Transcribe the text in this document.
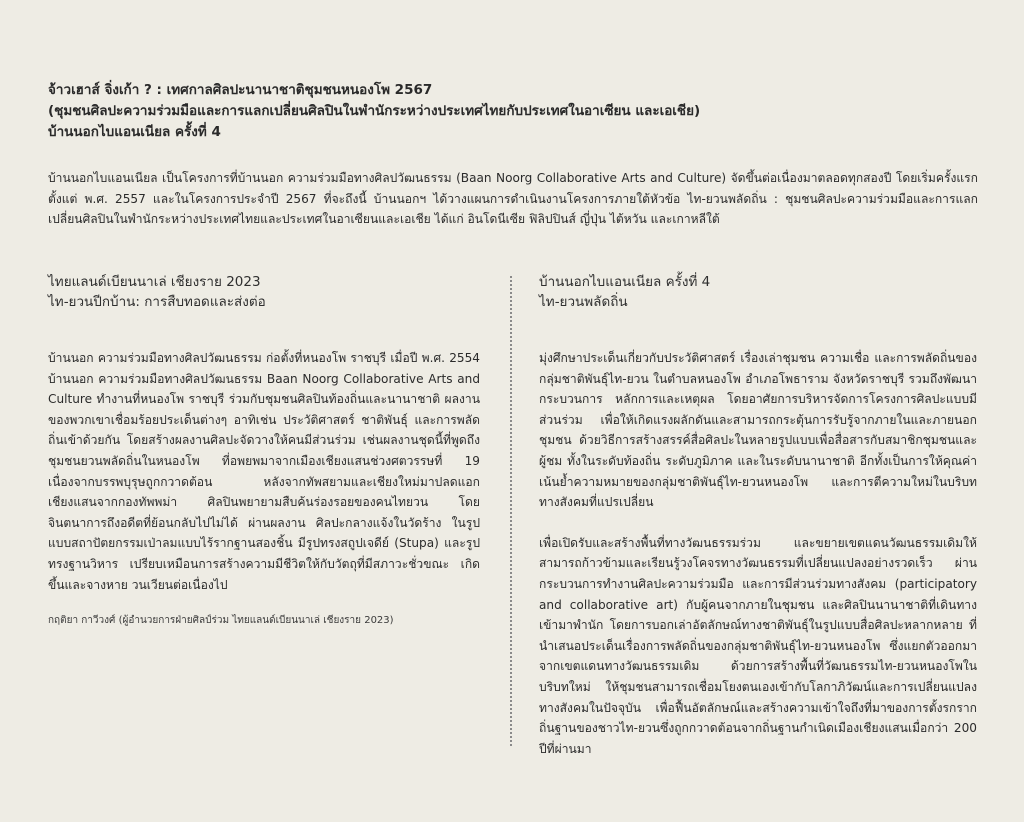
จ้าวเฮาส์ จิ่งเก้า ? : เทศกาลศิลปะนานาชาติชุมชนหนองโพ 2567
(ชุมชนศิลปะความร่วมมือและการแลกเปลี่ยนศิลปินในพำนักระหว่างประเทศไทยกับประเทศในอาเซียน และเอเชีย)
บ้านนอกไบแอนเนียล ครั้งที่ 4

บ้านนอกไบแอนเนียล เป็นโครงการที่บ้านนอก ความร่วมมือทางศิลปวัฒนธรรม (Baan Noorg Collaborative Arts and Culture) จัดขึ้นต่อเนื่องมาตลอดทุกสองปี โดยเริ่มครั้งแรกตั้งแต่ พ.ศ. 2557 และในโครงการประจำปี 2567 ที่จะถึงนี้ บ้านนอกฯ ได้วางแผนการดำเนินงานโครงการภายใต้หัวข้อ ไท-ยวนพลัดถิ่น : ชุมชนศิลปะความร่วมมือและการแลกเปลี่ยนศิลปินในพำนักระหว่างประเทศไทยและประเทศในอาเซียนและเอเชีย ได้แก่ อินโดนีเซีย ฟิลิปปินส์ ญี่ปุ่น ไต้หวัน และเกาหลีใต้

ไทยแลนด์เบียนนาเล่ เชียงราย 2023
ไท-ยวนปีกบ้าน: การสืบทอดและส่งต่อ

บ้านนอก ความร่วมมือทางศิลปวัฒนธรรม ก่อตั้งที่หนองโพ ราชบุรี เมื่อปี พ.ศ. 2554 บ้านนอก ความร่วมมือทางศิลปวัฒนธรรม Baan Noorg Collaborative Arts and Culture ทำงานที่หนองโพ ราชบุรี ร่วมกับชุมชนศิลปินท้องถิ่นและนานาชาติ ผลงานของพวกเขาเชื่อมร้อยประเด็นต่างๆ อาทิเช่น ประวัติศาสตร์ ชาติพันธุ์ และการพลัดถิ่นเข้าด้วยกัน โดยสร้างผลงานศิลปะจัดวางให้คนมีส่วนร่วม เช่นผลงานชุดนี้ที่พูดถึงชุมชนยวนพลัดถิ่นในหนองโพ ที่อพยพมาจากเมืองเชียงแสนช่วงศตวรรษที่ 19 เนื่องจากบรรพบุรุษถูกกวาดต้อน หลังจากทัพสยามและเชียงใหม่มาปลดแอกเชียงแสนจากกองทัพพม่า ศิลปินพยายามสืบค้นร่องรอยของคนไทยวน โดยจินตนาการถึงอดีตที่ย้อนกลับไปไม่ได้ ผ่านผลงาน ศิลปะกลางแจ้งในวัดร้าง ในรูปแบบสถาปัตยกรรมเป่าลมแบบไร้รากฐานสองชิ้น มีรูปทรงสถูปเจดีย์ (Stupa) และรูปทรงฐานวิหาร เปรียบเหมือนการสร้างความมีชีวิตให้กับวัตถุที่มีสภาวะชั่วขณะ เกิดขึ้นและจางหาย วนเวียนต่อเนื่องไป

กฤติยา กาวีวงศ์ (ผู้อำนวยการฝ่ายศิลป์ร่วม ไทยแลนด์เบียนนาเล่ เชียงราย 2023)
บ้านนอกไบแอนเนียล ครั้งที่ 4
ไท-ยวนพลัดถิ่น

มุ่งศึกษาประเด็นเกี่ยวกับประวัติศาสตร์ เรื่องเล่าชุมชน ความเชื่อ และการพลัดถิ่นของกลุ่มชาติพันธุ์ไท-ยวน ในตำบลหนองโพ อำเภอโพธาราม จังหวัดราชบุรี รวมถึงพัฒนากระบวนการ หลักการและเหตุผล โดยอาศัยการบริหารจัดการโครงการศิลปะแบบมีส่วนร่วม เพื่อให้เกิดแรงผลักดันและสามารถกระตุ้นการรับรู้จากภายในและภายนอกชุมชน ด้วยวิธีการสร้างสรรค์สื่อศิลปะในหลายรูปแบบเพื่อสื่อสารกับสมาชิกชุมชนและผู้ชม ทั้งในระดับท้องถิ่น ระดับภูมิภาค และในระดับนานาชาติ อีกทั้งเป็นการให้คุณค่า เน้นย้ำความหมายของกลุ่มชาติพันธุ์ไท-ยวนหนองโพ และการตีความใหม่ในบริบททางสังคมที่แปรเปลี่ยน

เพื่อเปิดรับและสร้างพื้นที่ทางวัฒนธรรมร่วม และขยายเขตแดนวัฒนธรรมเดิมให้สามารถก้าวข้ามและเรียนรู้วงโคจรทางวัฒนธรรมที่เปลี่ยนแปลงอย่างรวดเร็ว ผ่านกระบวนการทำงานศิลปะความร่วมมือ และการมีส่วนร่วมทางสังคม (participatory and collaborative art) กับผู้คนจากภายในชุมชน และศิลปินนานาชาติที่เดินทางเข้ามาพำนัก โดยการบอกเล่าอัตลักษณ์ทางชาติพันธุ์ในรูปแบบสื่อศิลปะหลากหลาย ที่นำเสนอประเด็นเรื่องการพลัดถิ่นของกลุ่มชาติพันธุ์ไท-ยวนหนองโพ ซึ่งแยกตัวออกมาจากเขตแดนทางวัฒนธรรมเดิม ด้วยการสร้างพื้นที่วัฒนธรรมไท-ยวนหนองโพในบริบทใหม่ ให้ชุมชนสามารถเชื่อมโยงตนเองเข้ากับโลกาภิวัฒน์และการเปลี่ยนแปลงทางสังคมในปัจจุบัน เพื่อฟื้นอัตลักษณ์และสร้างความเข้าใจถึงที่มาของการตั้งรกรากถิ่นฐานของชาวไท-ยวนซึ่งถูกกวาดต้อนจากถิ่นฐานกำเนิดเมืองเชียงแสนเมื่อกว่า 200 ปีที่ผ่านมา
